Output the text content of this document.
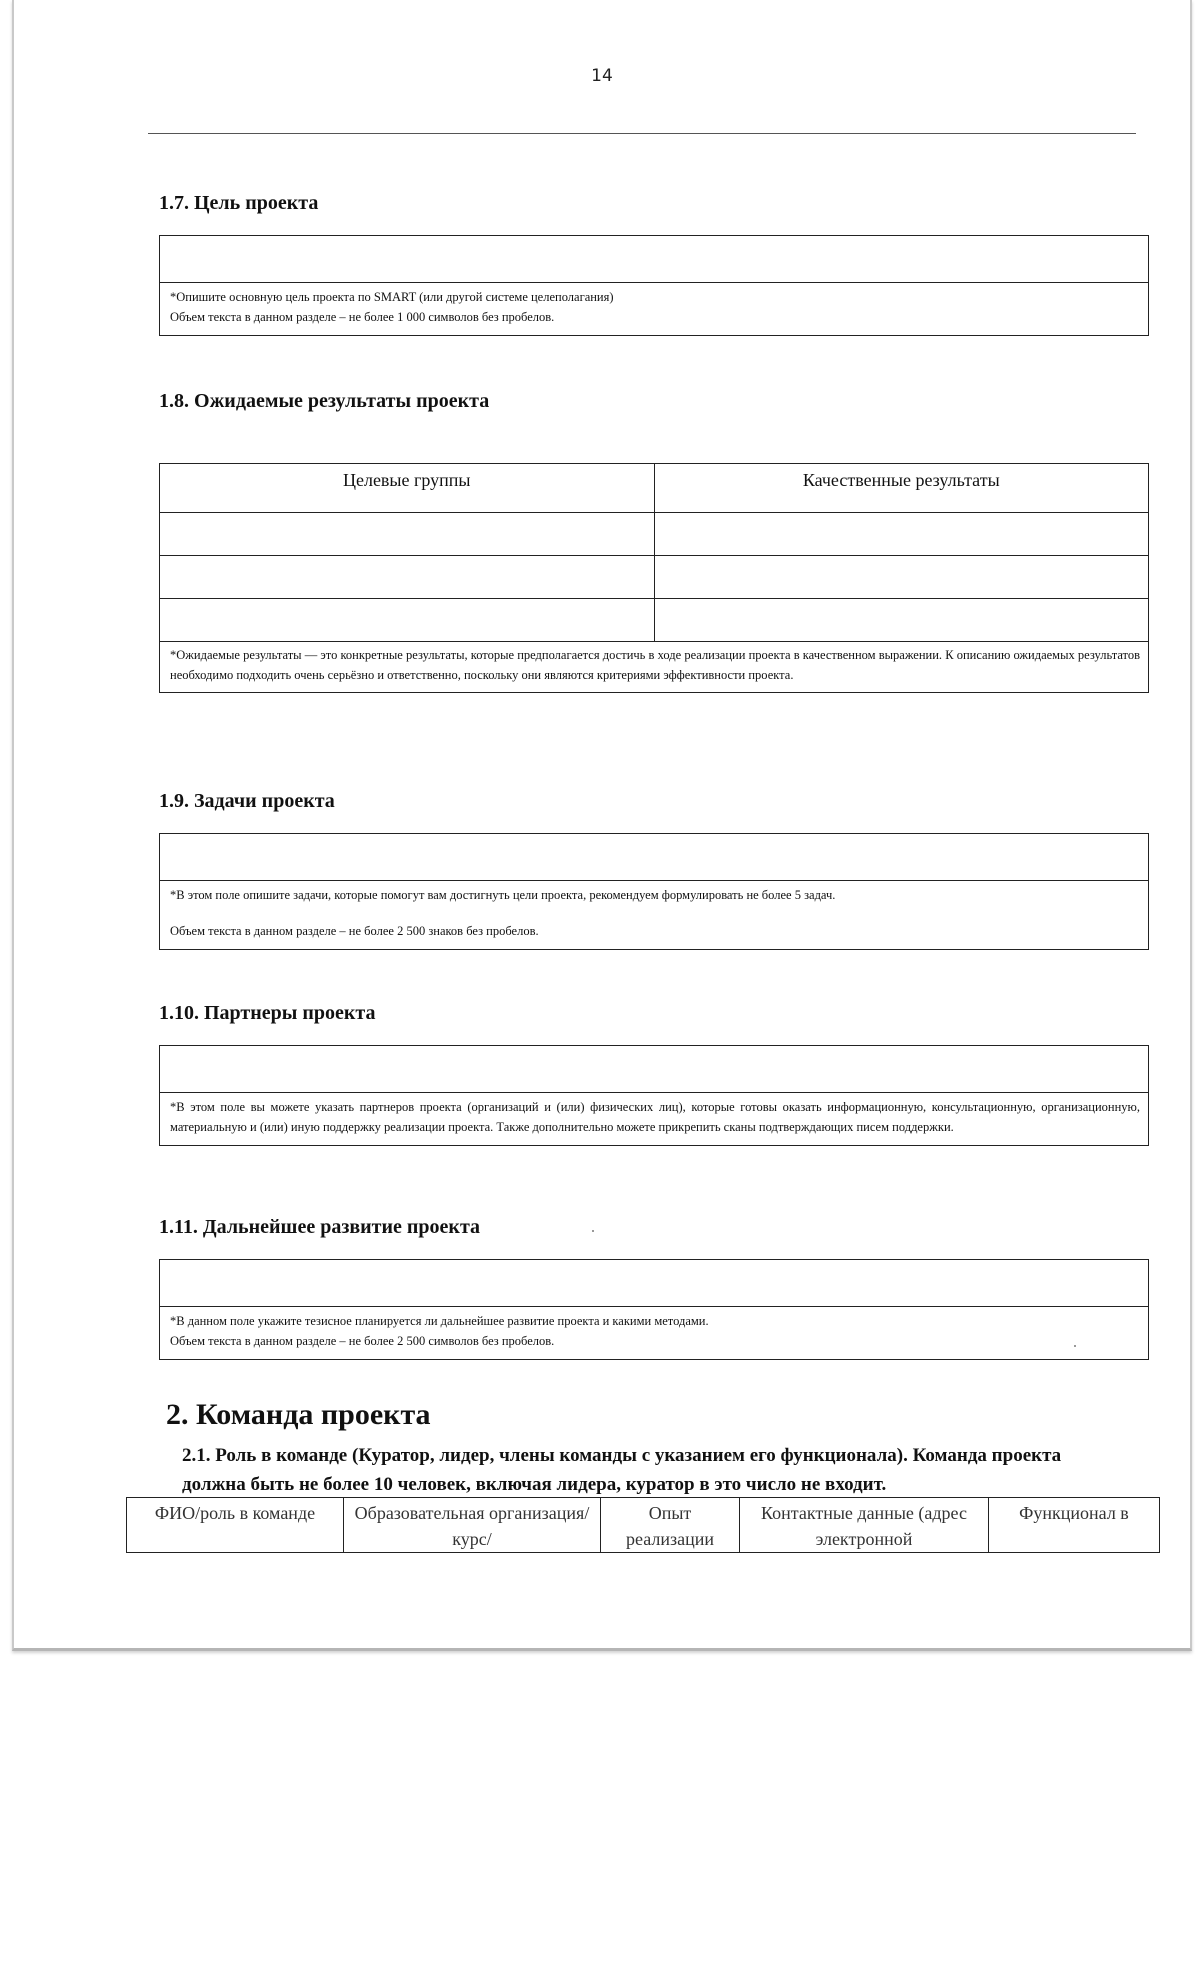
14
1.7. Цель проекта

*Опишите основную цель проекта по SMART (или другой системе целеполагания)

Объем текста в данном разделе – не более 1 000 символов без пробелов.

1.8. Ожидаемые результаты проекта
Целевые группы	Качественные результаты

*Ожидаемые результаты — это конкретные результаты, которые предполагается достичь в ходе реализации проекта в качественном выражении. К описанию ожидаемых результатов необходимо подходить очень серьёзно и ответственно, поскольку они являются критериями эффективности проекта.	
1.9. Задачи проекта

*В этом поле опишите задачи, которые помогут вам достигнуть цели проекта, рекомендуем формулировать не более 5 задач.

Объем текста в данном разделе – не более 2 500 знаков без пробелов.

1.10. Партнеры проекта

*В этом поле вы можете указать партнеров проекта (организаций и (или) физических лиц), которые готовы оказать информационную, консультационную, организационную, материальную и (или) иную поддержку реализации проекта. Также дополнительно можете прикрепить сканы подтверждающих писем поддержки.

1.11. Дальнейшее развитие проекта

*В данном поле укажите тезисное планируется ли дальнейшее развитие проекта и какими методами.

Объем текста в данном разделе – не более 2 500 символов без пробелов.

2. Команда проекта

2.1. Роль в команде (Куратор, лидер, члены команды с указанием его функционала). Команда проекта должна быть не более 10 человек, включая лидера, куратор в это число не входит.

ФИО/роль в команде	Образовательная организация/курс/	Опыт реализации	Контактные данные (адрес электронной	Функционал в
